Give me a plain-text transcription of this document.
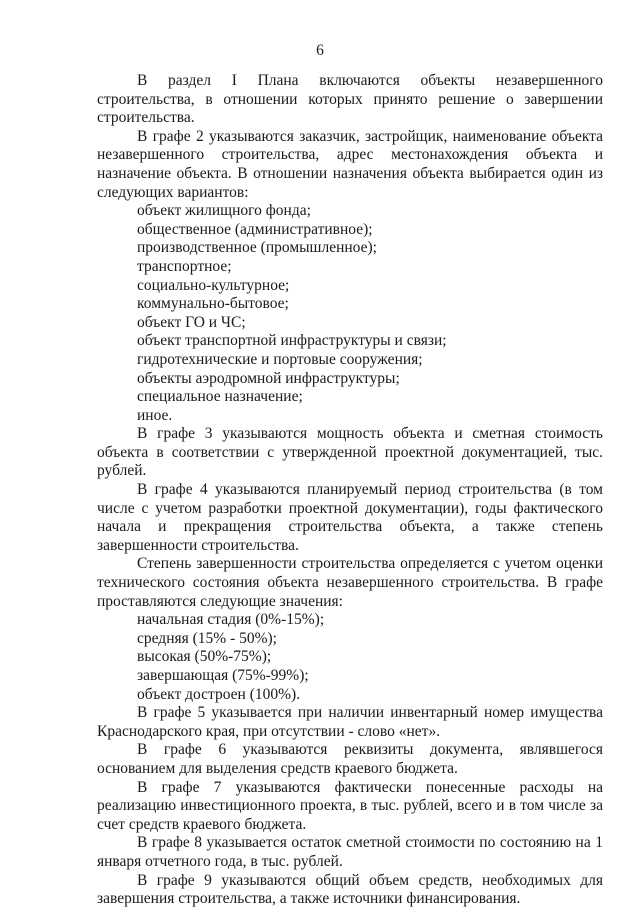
6

В раздел I Плана включаются объекты незавершенного строительства, в отношении которых принято решение о завершении строительства.

В графе 2 указываются заказчик, застройщик, наименование объекта незавершенного строительства, адрес местонахождения объекта и назначение объекта. В отношении назначения объекта выбирается один из следующих вариантов:

объект жилищного фонда;
общественное (административное);
производственное (промышленное);
транспортное;
социально-культурное;
коммунально-бытовое;
объект ГО и ЧС;
объект транспортной инфраструктуры и связи;
гидротехнические и портовые сооружения;
объекты аэродромной инфраструктуры;
специальное назначение;
иное.

В графе 3 указываются мощность объекта и сметная стоимость объекта в соответствии с утвержденной проектной документацией, тыс. рублей.

В графе 4 указываются планируемый период строительства (в том числе с учетом разработки проектной документации), годы фактического начала и прекращения строительства объекта, а также степень завершенности строительства.

Степень завершенности строительства определяется с учетом оценки технического состояния объекта незавершенного строительства. В графе проставляются следующие значения:

начальная стадия (0%-15%);
средняя (15% - 50%);
высокая (50%-75%);
завершающая (75%-99%);
объект достроен (100%).

В графе 5 указывается при наличии инвентарный номер имущества Краснодарского края, при отсутствии - слово «нет».

В графе 6 указываются реквизиты документа, являвшегося основанием для выделения средств краевого бюджета.

В графе 7 указываются фактически понесенные расходы на реализацию инвестиционного проекта, в тыс. рублей, всего и в том числе за счет средств краевого бюджета.

В графе 8 указывается остаток сметной стоимости по состоянию на 1 января отчетного года, в тыс. рублей.

В графе 9 указываются общий объем средств, необходимых для завершения строительства, а также источники финансирования.
